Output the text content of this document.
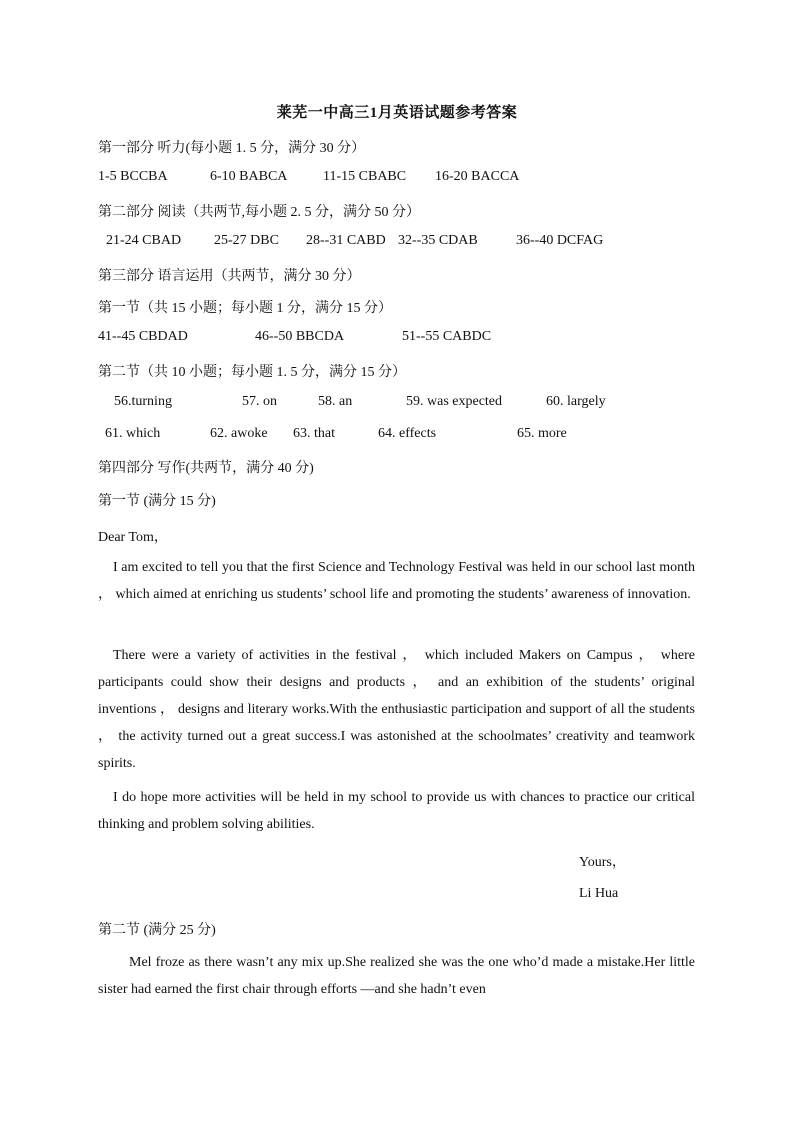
莱芜一中高三1月英语试题参考答案
第一部分 听力(每小题 1. 5 分，满分 30 分）
1-5 BCCBA	6-10 BABCA	11-15 CBABC 16-20 BACCA
第二部分 阅读（共两节,每小题 2. 5 分，满分 50 分）
21-24 CBAD 25-27 DBC 28--31 CABD 32--35 CDAB	36--40 DCFAG
第三部分 语言运用（共两节，满分 30 分）
第一节（共 15 小题；每小题 1 分，满分 15 分）
41--45 CBDAD	46--50 BBCDA	51--55 CABDC
第二节（共 10 小题；每小题 1. 5 分，满分 15 分）
56.turning	57. on	58. an	59. was expected	60. largely
61. which	62. awoke 63. that	64. effects	65. more
第四部分 写作(共两节，满分 40 分)
第一节 (满分 15 分)
Dear Tom，
I am excited to tell you that the first Science and Technology Festival was held in our school last month ， which aimed at enriching us students’ school life and promoting the students’ awareness of innovation.
There were a variety of activities in the festival ， which included Makers on Campus ， where participants could show their designs and products ， and an exhibition of the students’ original inventions ， designs and literary works.With the enthusiastic participation and support of all the students ， the activity turned out a great success.I was astonished at the schoolmates’ creativity and teamwork spirits.
I do hope more activities will be held in my school to provide us with chances to practice our critical thinking and problem solving abilities.
Yours，
Li Hua
第二节 (满分 25 分)
Mel froze as there wasn’t any mix up.She realized she was the one who’d made a mistake.Her little sister had earned the first chair through efforts —and she hadn’t even
